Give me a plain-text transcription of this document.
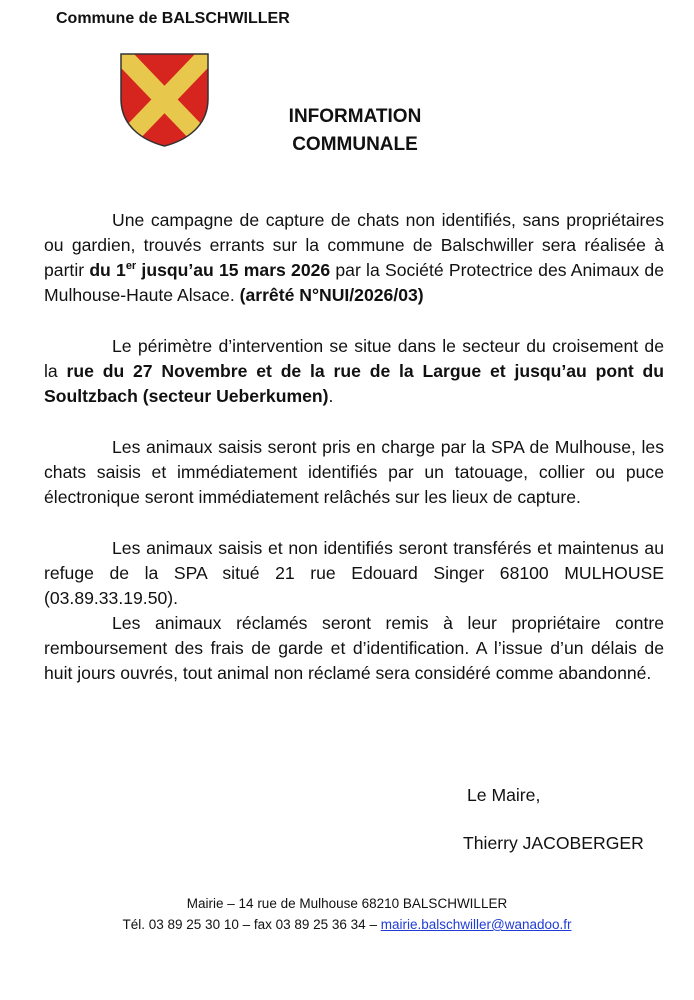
Commune de BALSCHWILLER
INFORMATION
COMMUNALE

Une campagne de capture de chats non identifiés, sans propriétaires ou gardien, trouvés errants sur la commune de Balschwiller sera réalisée à partir du 1er jusqu’au 15 mars 2026 par la Société Protectrice des Animaux de Mulhouse-Haute Alsace. (arrêté N°NUI/2026/03)

Le périmètre d’intervention se situe dans le secteur du croisement de la rue du 27 Novembre et de la rue de la Largue et jusqu’au pont du Soultzbach (secteur Ueberkumen).

Les animaux saisis seront pris en charge par la SPA de Mulhouse, les chats saisis et immédiatement identifiés par un tatouage, collier ou puce électronique seront immédiatement relâchés sur les lieux de capture.

Les animaux saisis et non identifiés seront transférés et maintenus au refuge de la SPA situé 21 rue Edouard Singer 68100 MULHOUSE (03.89.33.19.50).

Les animaux réclamés seront remis à leur propriétaire contre remboursement des frais de garde et d’identification. A l’issue d’un délais de huit jours ouvrés, tout animal non réclamé sera considéré comme abandonné.

Le Maire,
Thierry JACOBERGER
Mairie – 14 rue de Mulhouse 68210 BALSCHWILLER
Tél. 03 89 25 30 10 – fax 03 89 25 36 34 – mairie.balschwiller@wanadoo.fr
